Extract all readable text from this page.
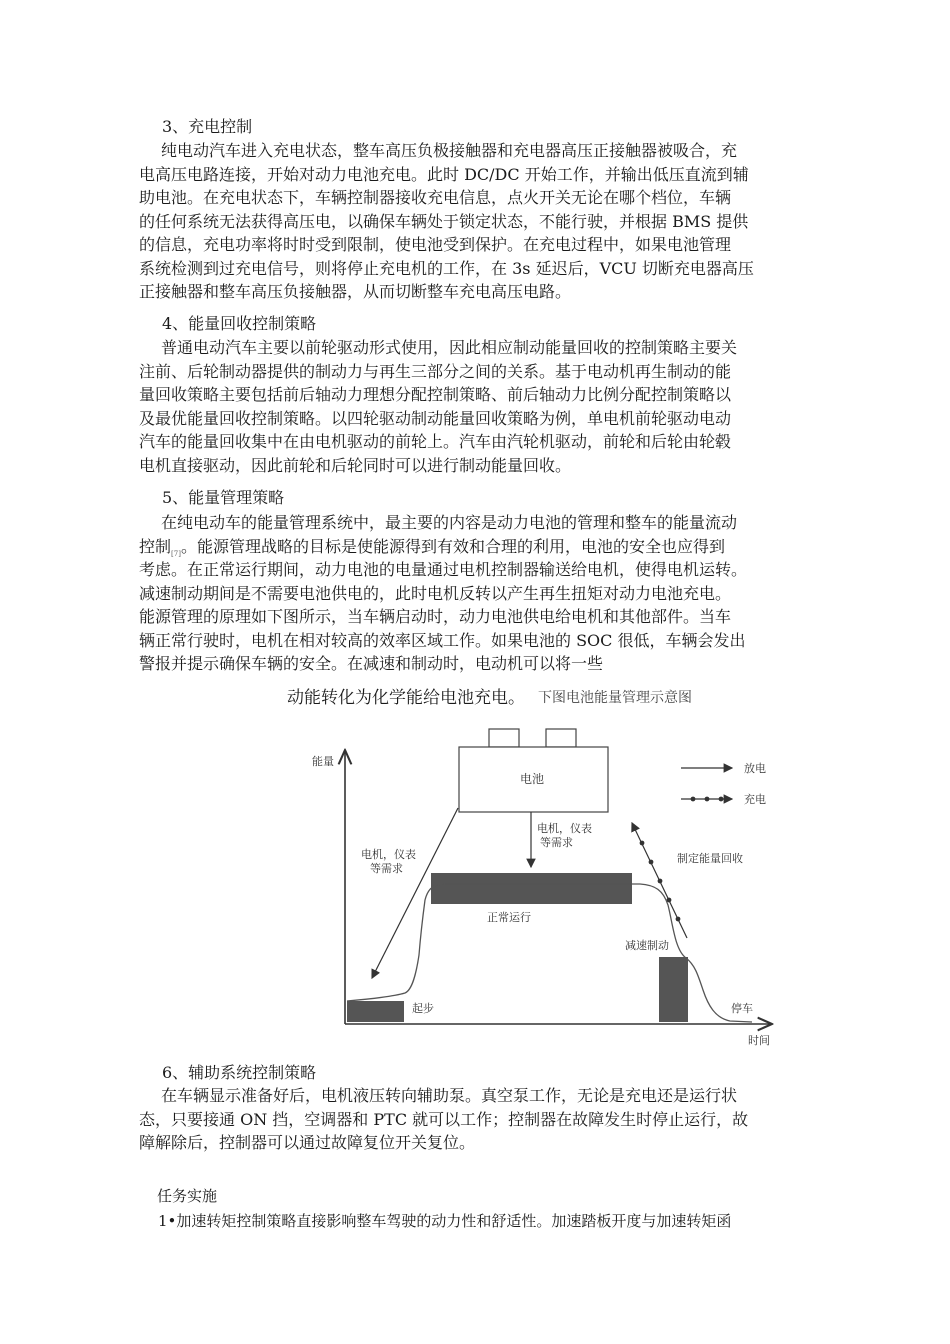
3、充电控制
纯电动汽车进入充电状态，整车高压负极接触器和充电器高压正接触器被吸合，充
电高压电路连接，开始对动力电池充电。此时 DC/DC 开始工作，并输出低压直流到辅
助电池。在充电状态下，车辆控制器接收充电信息，点火开关无论在哪个档位，车辆
的任何系统无法获得高压电，以确保车辆处于锁定状态，不能行驶，并根据 BMS 提供
的信息，充电功率将时时受到限制，使电池受到保护。在充电过程中，如果电池管理
系统检测到过充电信号，则将停止充电机的工作，在 3s 延迟后，VCU 切断充电器高压
正接触器和整车高压负接触器，从而切断整车充电高压电路。
4、能量回收控制策略
普通电动汽车主要以前轮驱动形式使用，因此相应制动能量回收的控制策略主要关
注前、后轮制动器提供的制动力与再生三部分之间的关系。基于电动机再生制动的能
量回收策略主要包括前后轴动力理想分配控制策略、前后轴动力比例分配控制策略以
及最优能量回收控制策略。以四轮驱动制动能量回收策略为例，单电机前轮驱动电动
汽车的能量回收集中在由电机驱动的前轮上。汽车由汽轮机驱动，前轮和后轮由轮毂
电机直接驱动，因此前轮和后轮同时可以进行制动能量回收。
5、能量管理策略
在纯电动车的能量管理系统中，最主要的内容是动力电池的管理和整车的能量流动
控制$_{[7]}$。能源管理战略的目标是使能源得到有效和合理的利用，电池的安全也应得到
考虑。在正常运行期间，动力电池的电量通过电机控制器输送给电机，使得电机运转。
减速制动期间是不需要电池供电的，此时电机反转以产生再生扭矩对动力电池充电。
能源管理的原理如下图所示，当车辆启动时，动力电池供电给电机和其他部件。当车
辆正常行驶时，电机在相对较高的效率区域工作。如果电池的 SOC 很低，车辆会发出
警报并提示确保车辆的安全。在减速和制动时，电动机可以将一些
动能转化为化学能给电池充电。 下图电池能量管理示意图
能量
时间
电池
放电
充电
电机，仪表
等需求
电机，仪表
等需求
制定能量回收
正常运行
减速制动
起步	停车
6、辅助系统控制策略
在车辆显示准备好后，电机液压转向辅助泵。真空泵工作，无论是充电还是运行状
态，只要接通 ON 挡，空调器和 PTC 就可以工作；控制器在故障发生时停止运行，故
障解除后，控制器可以通过故障复位开关复位。
任务实施
1•加速转矩控制策略直接影响整车驾驶的动力性和舒适性。加速踏板开度与加速转矩函
